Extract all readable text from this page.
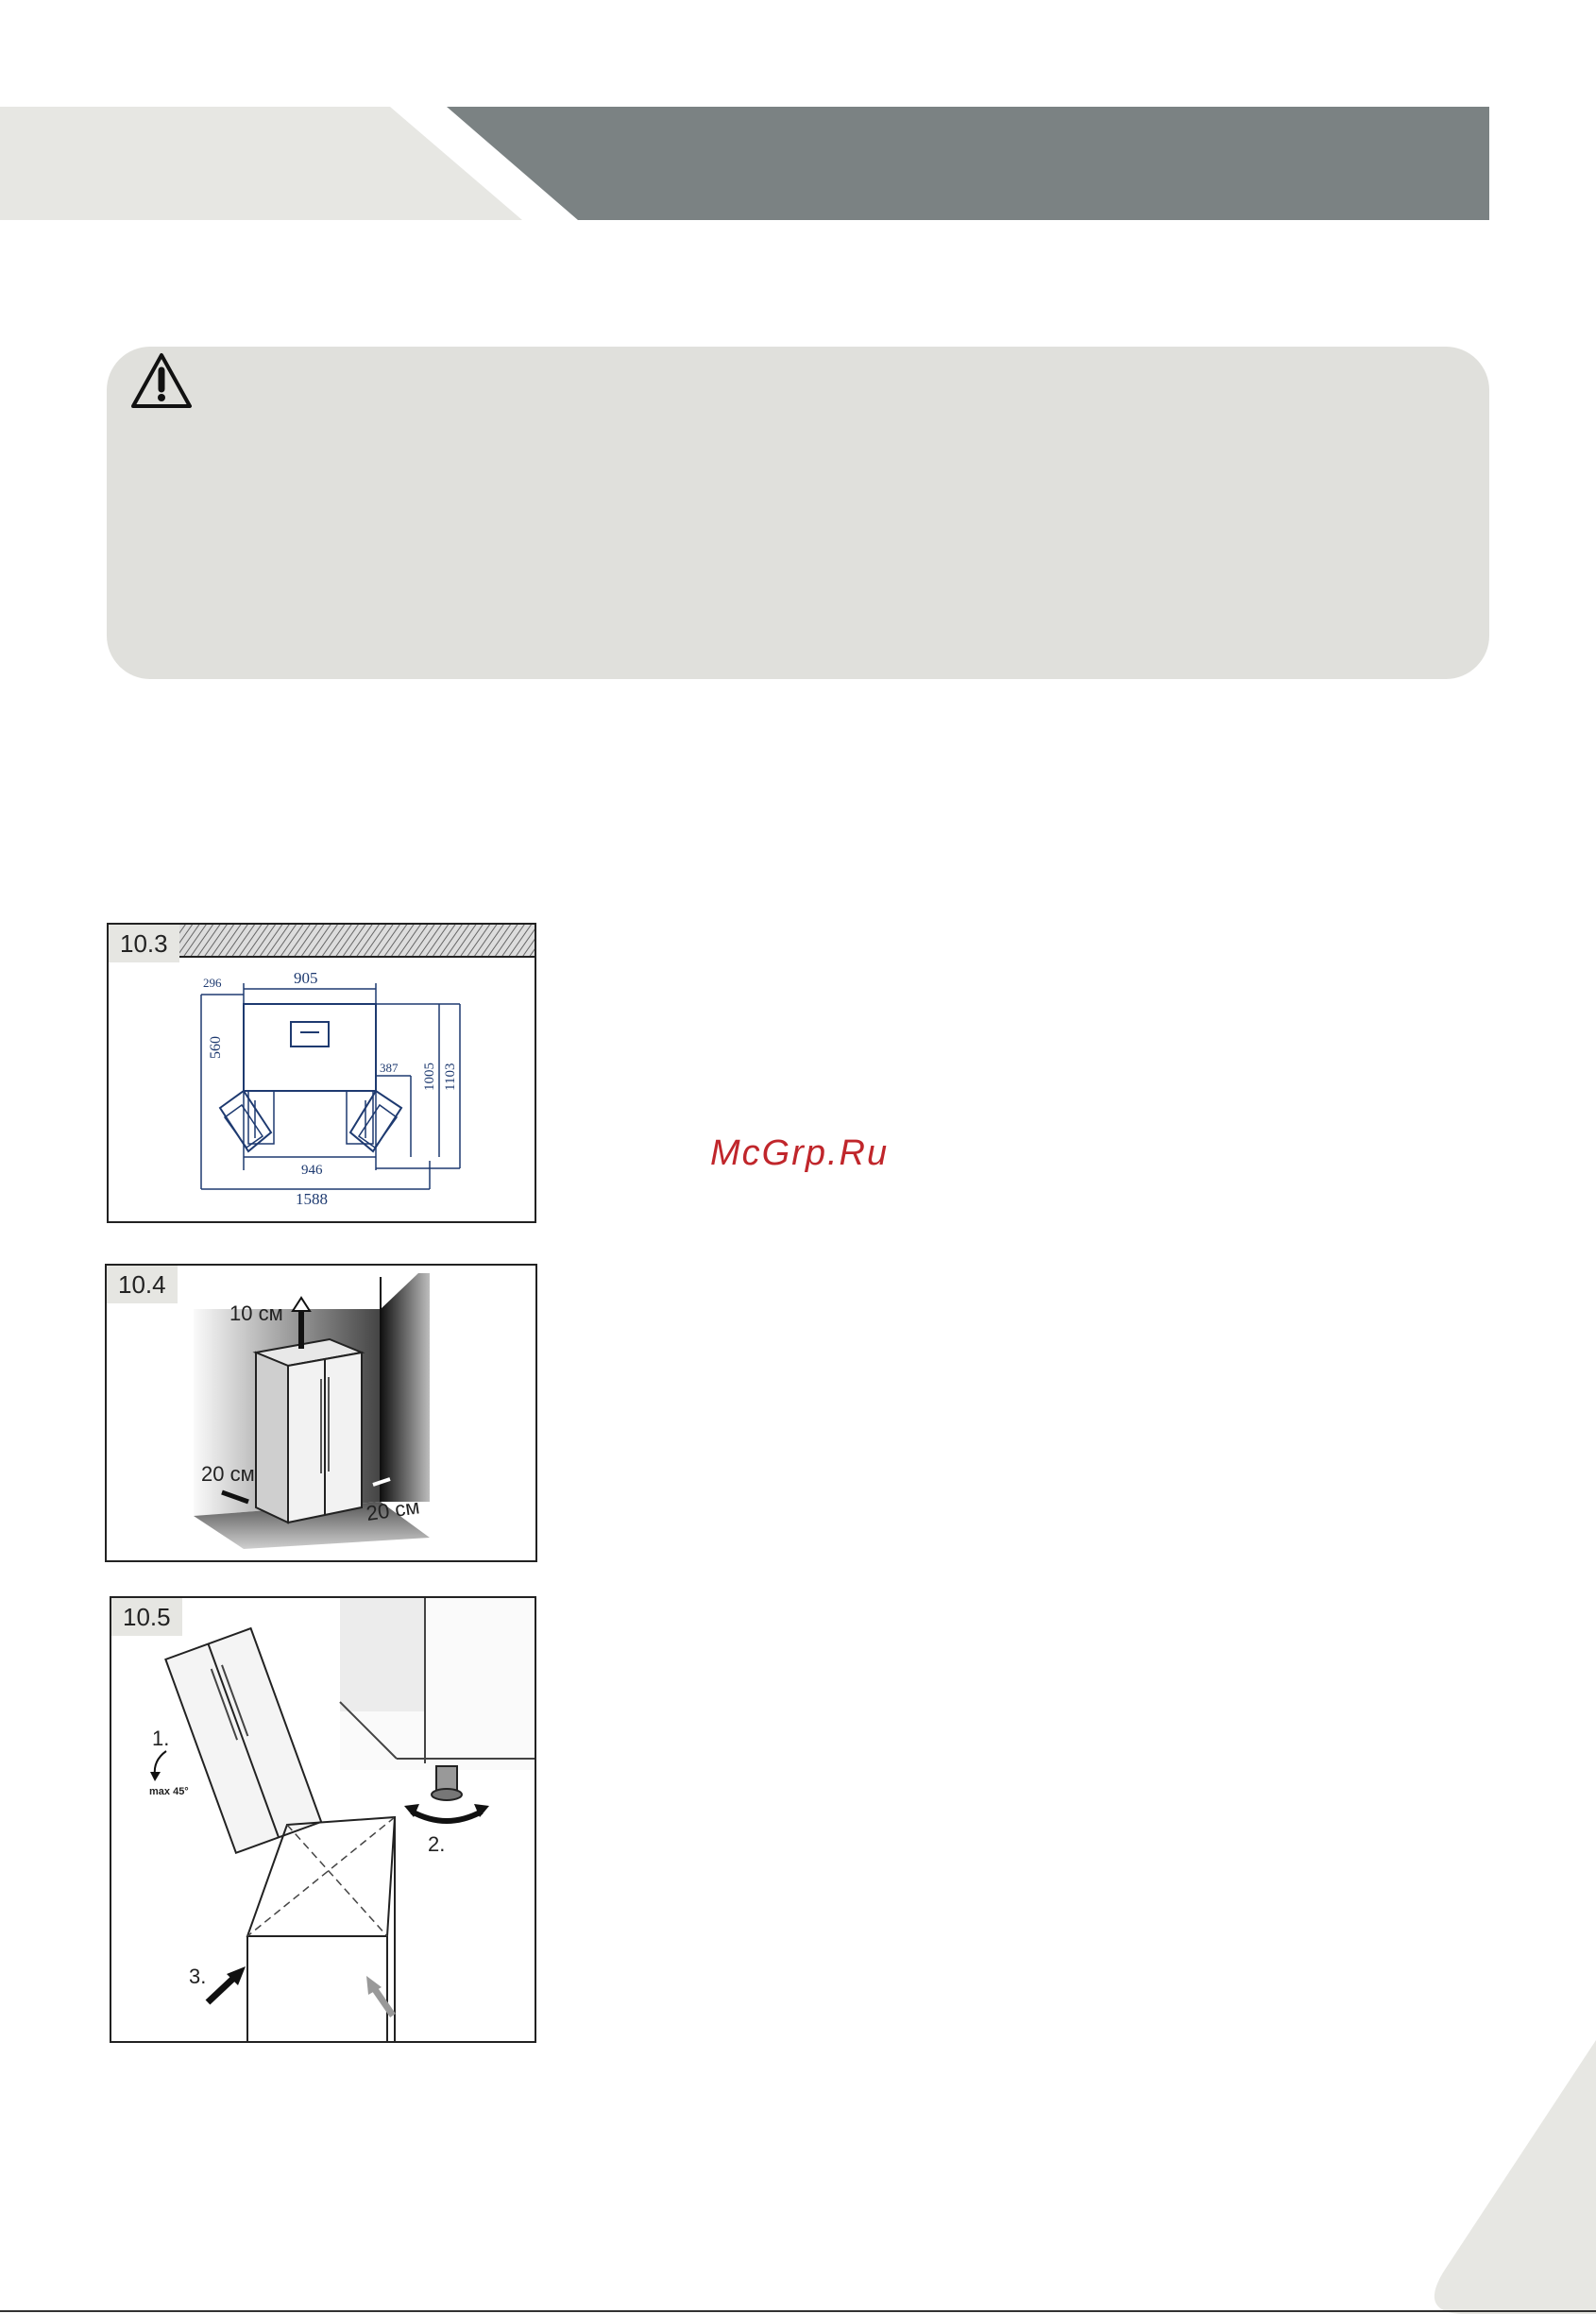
10.3
296	905
560
387 1005 1103
946
1588
10.4
10 см
20 см
20 см
10.5
1.
max 45°
2.
3.
McGrp.Ru
